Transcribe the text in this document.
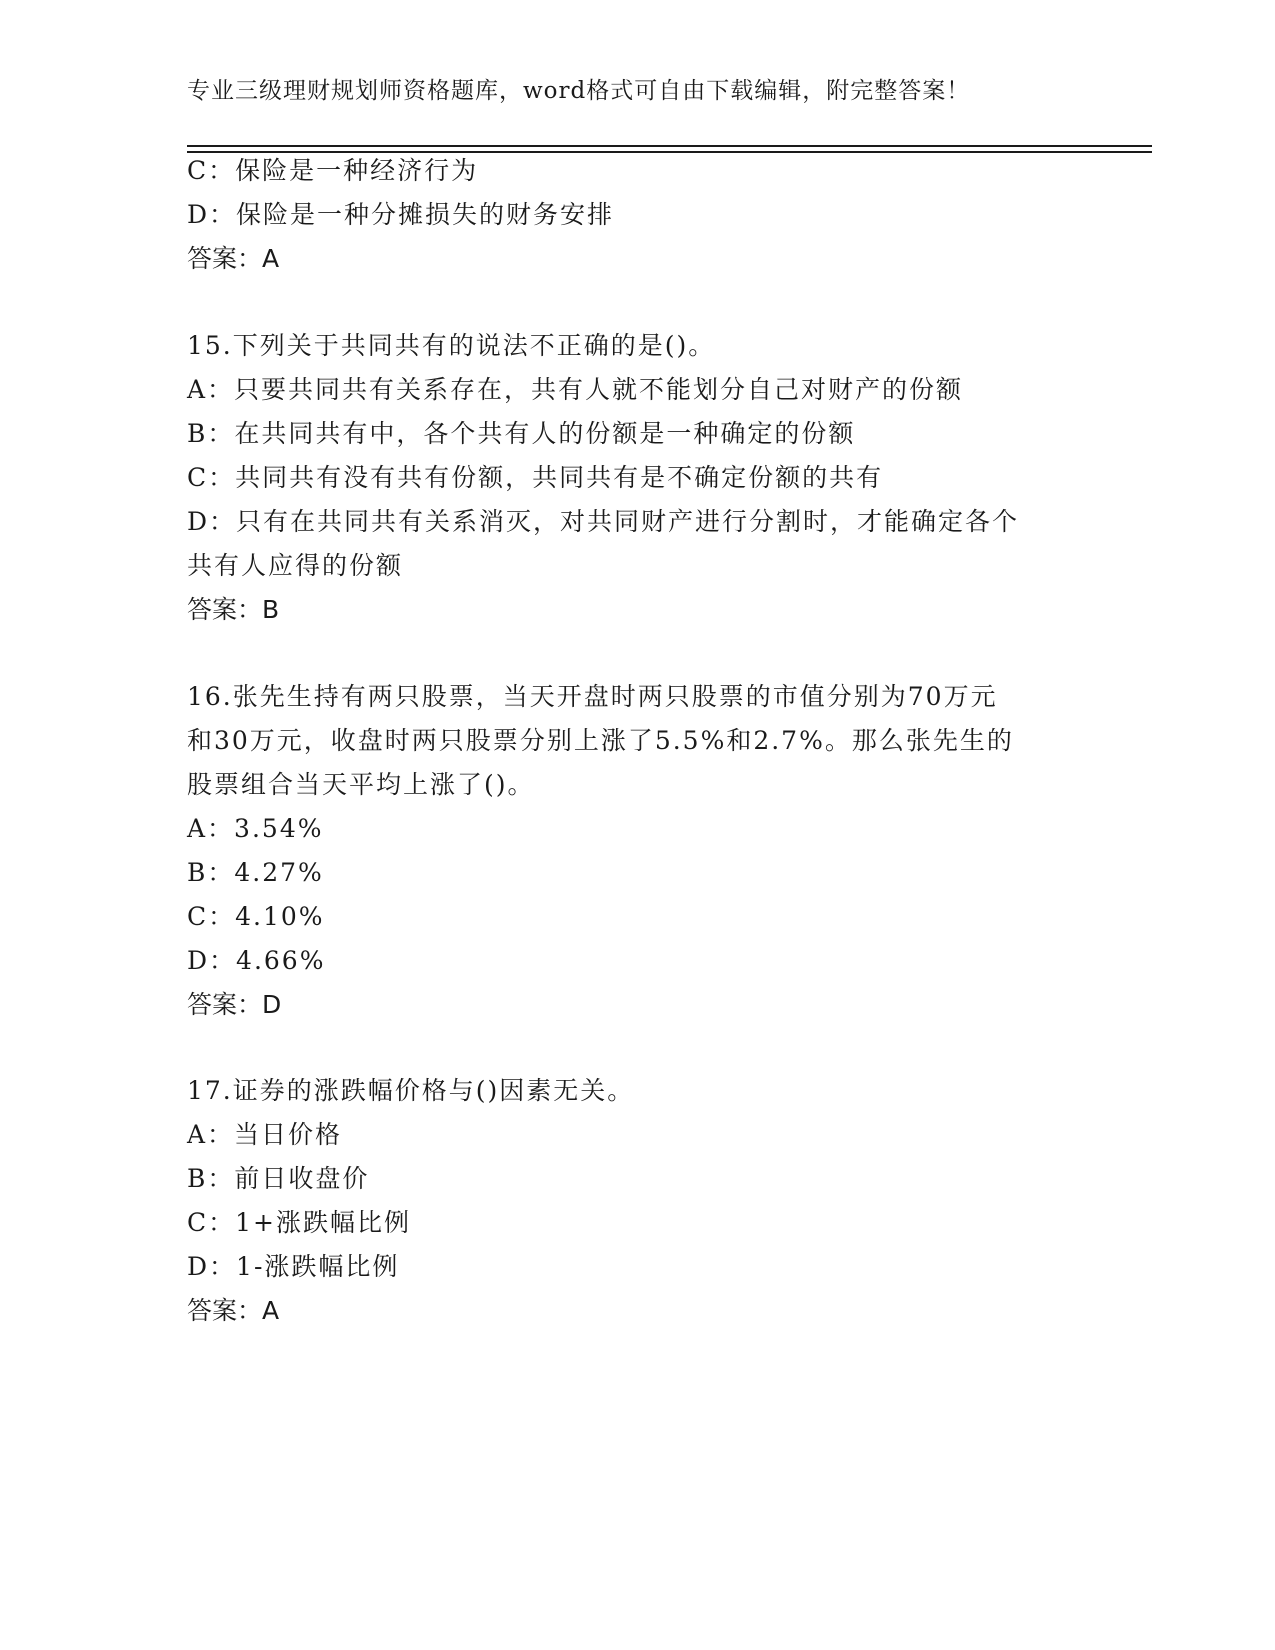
专业三级理财规划师资格题库，word格式可自由下载编辑，附完整答案！
C：保险是一种经济行为
D：保险是一种分摊损失的财务安排
答案：A
15.下列关于共同共有的说法不正确的是()。
A：只要共同共有关系存在，共有人就不能划分自己对财产的份额
B：在共同共有中，各个共有人的份额是一种确定的份额
C：共同共有没有共有份额，共同共有是不确定份额的共有
D：只有在共同共有关系消灭，对共同财产进行分割时，才能确定各个
共有人应得的份额
答案：B
16.张先生持有两只股票，当天开盘时两只股票的市值分别为70万元
和30万元，收盘时两只股票分别上涨了5.5%和2.7%。那么张先生的
股票组合当天平均上涨了()。
A：3.54%
B：4.27%
C：4.10%
D：4.66%
答案：D
17.证券的涨跌幅价格与()因素无关。
A：当日价格
B：前日收盘价
C：1+涨跌幅比例
D：1-涨跌幅比例
答案：A
